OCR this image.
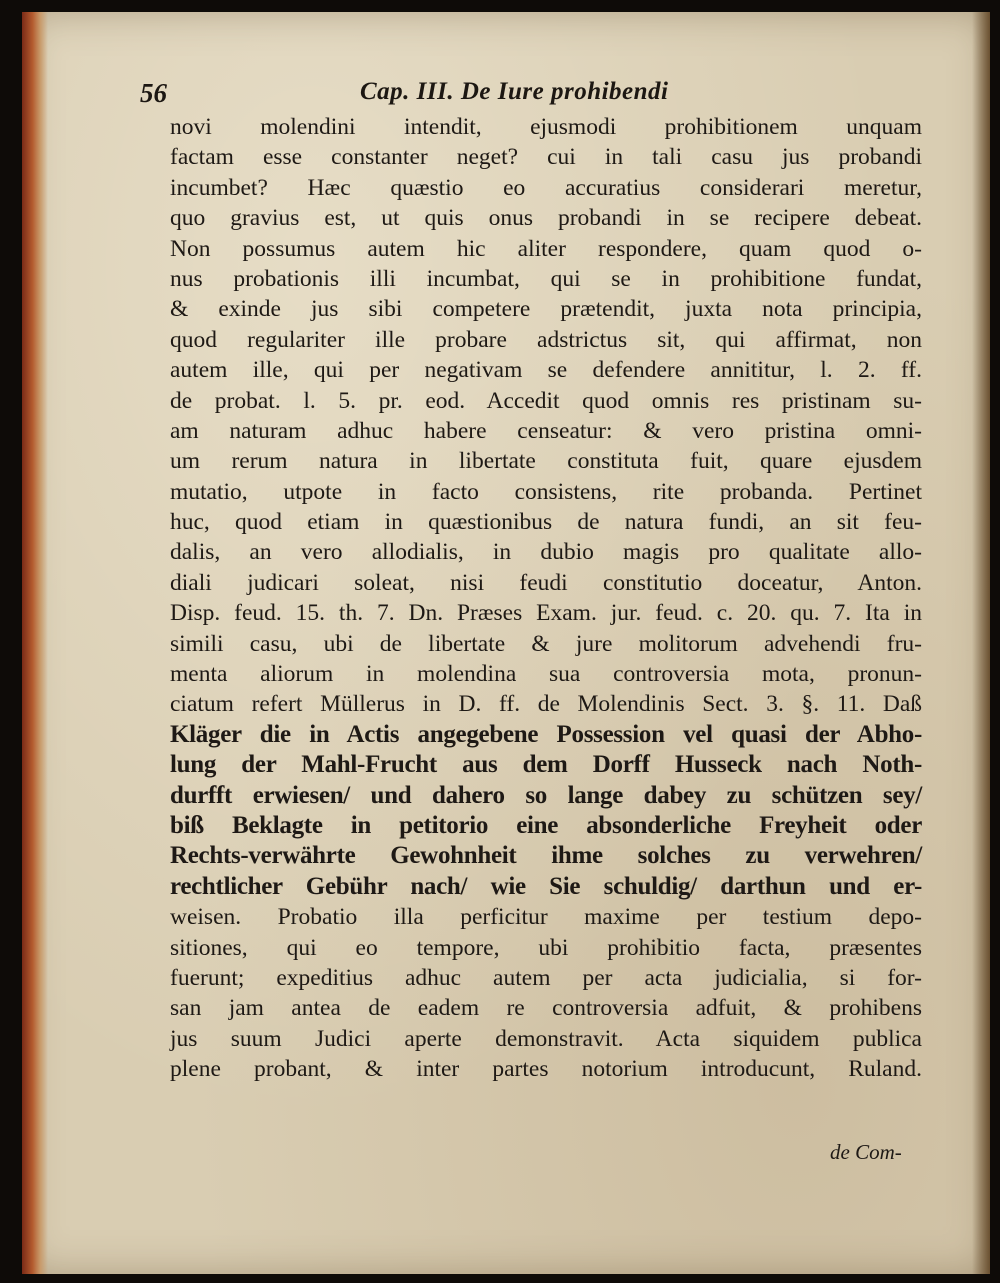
56	Cap. III. De Iure prohibendi
novi molendini intendit, ejusmodi prohibitionem unquam
factam esse constanter neget? cui in tali casu jus probandi
incumbet? Hæc quæstio eo accuratius considerari meretur,
quo gravius est, ut quis onus probandi in se recipere debeat.
Non possumus autem hic aliter respondere, quam quod o-
nus probationis illi incumbat, qui se in prohibitione fundat,
& exinde jus sibi competere prætendit, juxta nota principia,
quod regulariter ille probare adstrictus sit, qui affirmat, non
autem ille, qui per negativam se defendere annititur, l. 2. ff.
de probat. l. 5. pr. eod. Accedit quod omnis res pristinam su-
am naturam adhuc habere censeatur: & vero pristina omni-
um rerum natura in libertate constituta fuit, quare ejusdem
mutatio, utpote in facto consistens, rite probanda. Pertinet
huc, quod etiam in quæstionibus de natura fundi, an sit feu-
dalis, an vero allodialis, in dubio magis pro qualitate allo-
diali judicari soleat, nisi feudi constitutio doceatur, Anton.
Disp. feud. 15. th. 7. Dn. Præses Exam. jur. feud. c. 20. qu. 7. Ita in
simili casu, ubi de libertate & jure molitorum advehendi fru-
menta aliorum in molendina sua controversia mota, pronun-
ciatum refert Müllerus in D. ff. de Molendinis Sect. 3. §. 11. Daß
Kläger die in Actis angegebene Possession vel quasi der Abho-
lung der Mahl-Frucht aus dem Dorff Husseck nach Noth-
durfft erwiesen/ und dahero so lange dabey zu schützen sey/
biß Beklagte in petitorio eine absonderliche Freyheit oder
Rechts-verwährte Gewohnheit ihme solches zu verwehren/
rechtlicher Gebühr nach/ wie Sie schuldig/ darthun und er-
weisen. Probatio illa perficitur maxime per testium depo-
sitiones, qui eo tempore, ubi prohibitio facta, præsentes
fuerunt; expeditius adhuc autem per acta judicialia, si for-
san jam antea de eadem re controversia adfuit, & prohibens
jus suum Judici aperte demonstravit. Acta siquidem publica
plene probant, & inter partes notorium introducunt, Ruland.
de Com-
